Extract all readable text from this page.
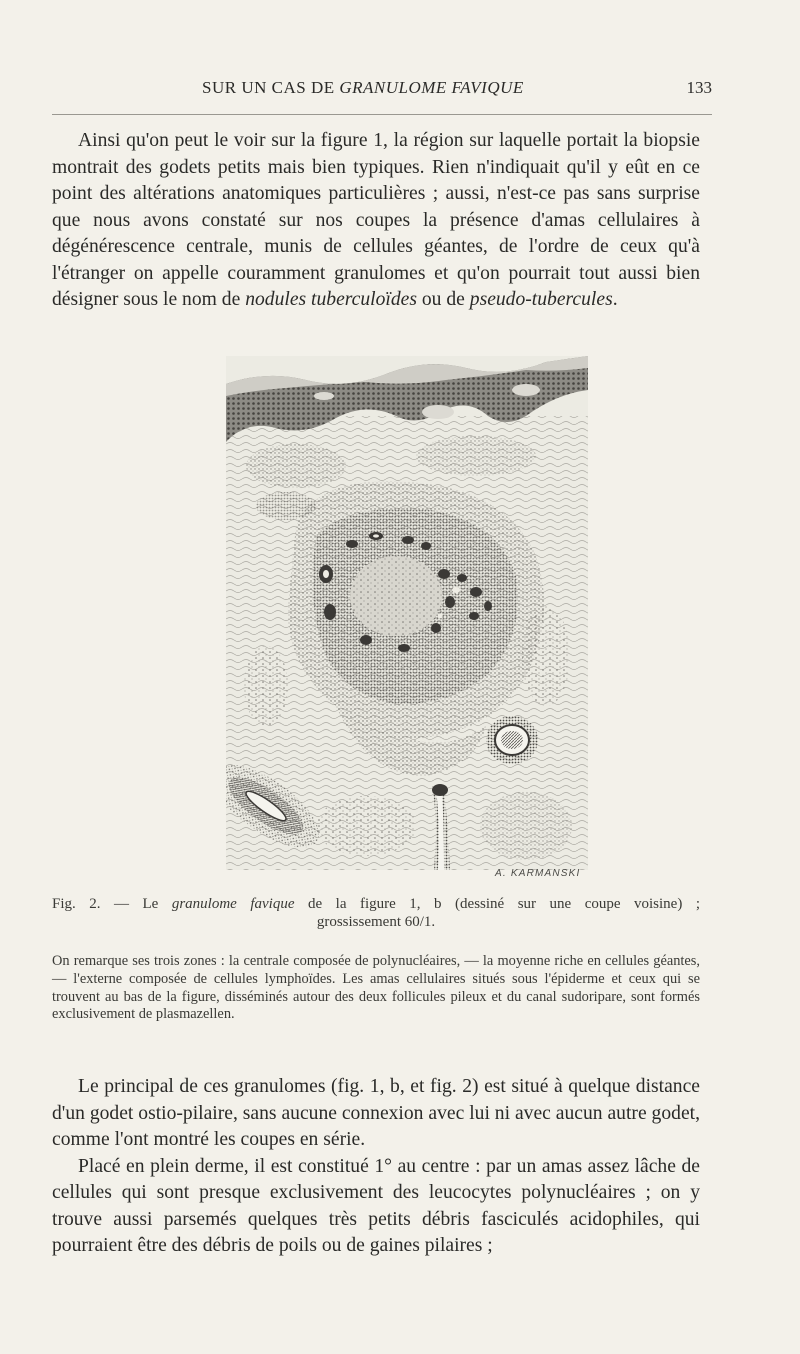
SUR UN CAS DE GRANULOME FAVIQUE	133

Ainsi qu'on peut le voir sur la figure 1, la région sur laquelle portait la biopsie montrait des godets petits mais bien typiques. Rien n'indiquait qu'il y eût en ce point des altérations anatomiques particulières ; aussi, n'est-ce pas sans surprise que nous avons constaté sur nos coupes la présence d'amas cellulaires à dégénérescence centrale, munis de cellules géantes, de l'ordre de ceux qu'à l'étranger on appelle couramment granulomes et qu'on pourrait tout aussi bien désigner sous le nom de nodules tuberculoïdes ou de pseudo-tubercules.

A. KARMANSKI
Fig. 2. — Le granulome favique de la figure 1, b (dessiné sur une coupe voisine) ;
grossissement 60/1.
On remarque ses trois zones : la centrale composée de polynucléaires, — la moyenne riche en cellules géantes, — l'externe composée de cellules lymphoïdes. Les amas cellulaires situés sous l'épiderme et ceux qui se trouvent au bas de la figure, disséminés autour des deux follicules pileux et du canal sudoripare, sont formés exclusivement de plasmazellen.

Le principal de ces granulomes (fig. 1, b, et fig. 2) est situé à quelque distance d'un godet ostio-pilaire, sans aucune connexion avec lui ni avec aucun autre godet, comme l'ont montré les coupes en série.

Placé en plein derme, il est constitué 1° au centre : par un amas assez lâche de cellules qui sont presque exclusivement des leucocytes polynucléaires ; on y trouve aussi parsemés quelques très petits débris fasciculés acidophiles, qui pourraient être des débris de poils ou de gaines pilaires ;
